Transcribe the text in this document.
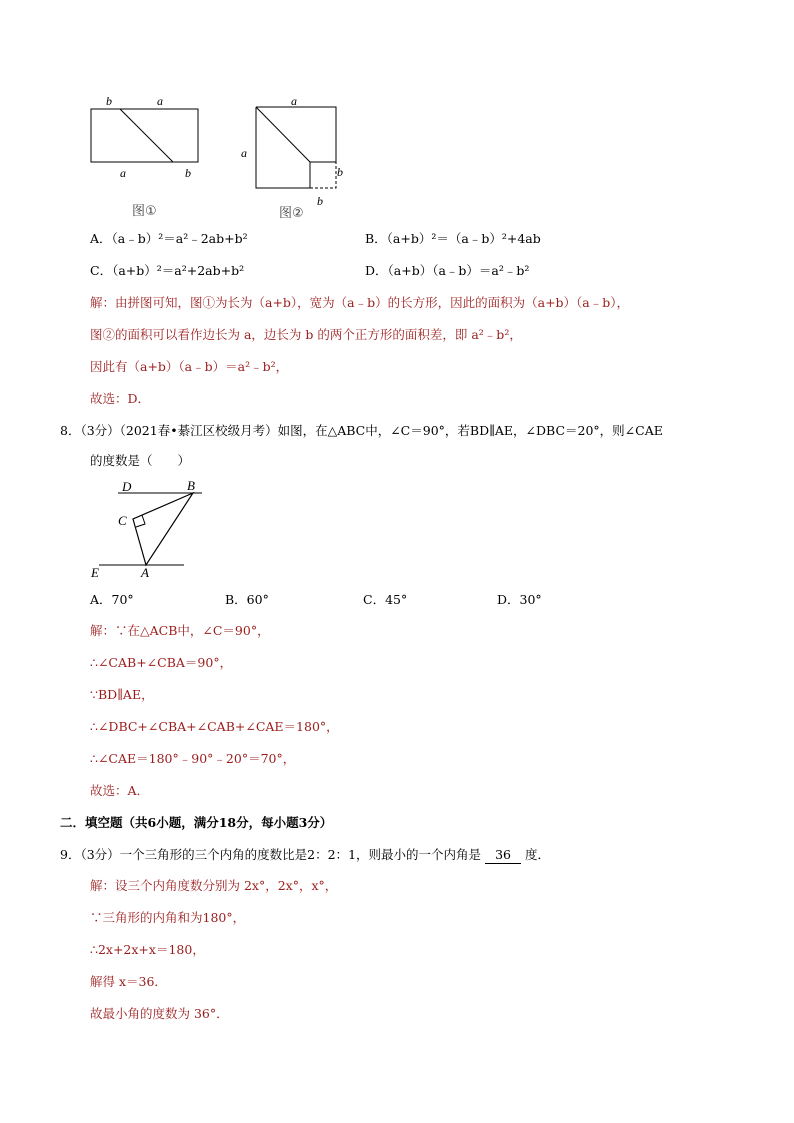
b	a
a	b
图①
a
a
b
b
图②
A．（a﹣b）²＝a²﹣2ab+b²	B．（a+b）²＝（a﹣b）²+4ab
C．（a+b）²＝a²+2ab+b²	D．（a+b）（a﹣b）＝a²﹣b²
解：由拼图可知，图①为长为（a+b），宽为（a﹣b）的长方形，因此的面积为（a+b）（a﹣b），
图②的面积可以看作边长为 a，边长为 b 的两个正方形的面积差，即 a²﹣b²，
因此有（a+b）（a﹣b）＝a²﹣b²，
故选：D．
8．（3分）（2021春•綦江区校级月考）如图，在△ABC中，∠C＝90°，若BD∥AE，∠DBC＝20°，则∠CAE
的度数是（　　）
D	B
C
E	A
A．70°	B．60°	C．45°	D．30°
解：∵在△ACB中，∠C＝90°，
∴∠CAB+∠CBA＝90°，
∵BD∥AE，
∴∠DBC+∠CBA+∠CAB+∠CAE＝180°，
∴∠CAE＝180°﹣90°﹣20°＝70°，
故选：A．
二．填空题（共6小题，满分18分，每小题3分）
9．（3分）一个三角形的三个内角的度数比是2：2：1，则最小的一个内角是 36 度．
解：设三个内角度数分别为 2x°，2x°，x°，
∵三角形的内角和为180°，
∴2x+2x+x＝180，
解得 x＝36．
故最小角的度数为 36°．
